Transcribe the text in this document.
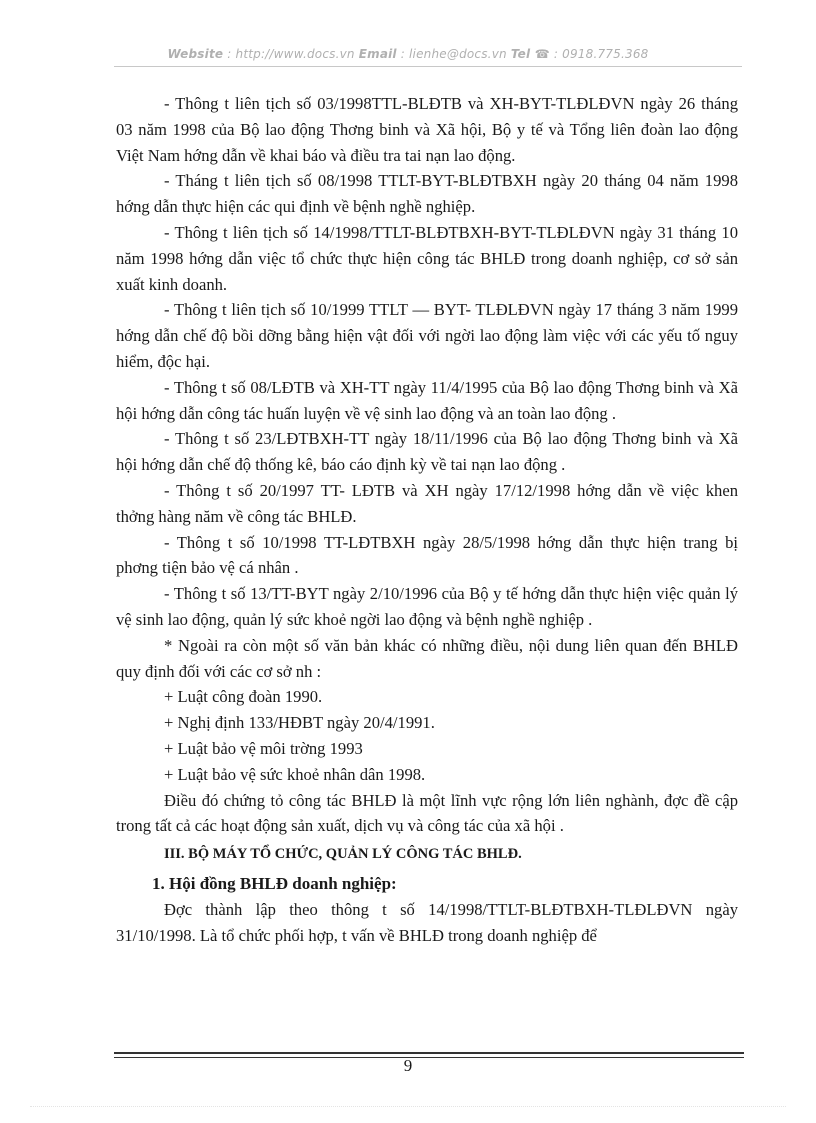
Website : http://www.docs.vn Email : lienhe@docs.vn Tel ☎ : 0918.775.368

- Thông t liên tịch số 03/1998TTL-BLĐTB và XH-BYT-TLĐLĐVN ngày 26 tháng 03 năm 1998 của Bộ lao động Thơng binh và Xã hội, Bộ y tế và Tổng liên đoàn lao động Việt Nam hớng dẫn về khai báo và điều tra tai nạn lao động.

- Tháng t liên tịch số 08/1998 TTLT-BYT-BLĐTBXH ngày 20 tháng 04 năm 1998 hớng dẫn thực hiện các qui định về bệnh nghề nghiệp.

- Thông t liên tịch số 14/1998/TTLT-BLĐTBXH-BYT-TLĐLĐVN ngày 31 tháng 10 năm 1998 hớng dẫn việc tổ chức thực hiện công tác BHLĐ trong doanh nghiệp, cơ sở sản xuất kinh doanh.

- Thông t liên tịch số 10/1999 TTLT — BYT- TLĐLĐVN ngày 17 tháng 3 năm 1999 hớng dẫn chế độ bồi dỡng bằng hiện vật đối với ngời lao động làm việc với các yếu tố nguy hiểm, độc hại.

- Thông t số 08/LĐTB và XH-TT ngày 11/4/1995 của Bộ lao động Thơng binh và Xã hội hớng dẫn công tác huấn luyện về vệ sinh lao động và an toàn lao động .

- Thông t số 23/LĐTBXH-TT ngày 18/11/1996 của Bộ lao động Thơng binh và Xã hội hớng dẫn chế độ thống kê, báo cáo định kỳ về tai nạn lao động .

- Thông t số 20/1997 TT- LĐTB và XH ngày 17/12/1998 hớng dẫn về việc khen thởng hàng năm về công tác BHLĐ.

- Thông t số 10/1998 TT-LĐTBXH ngày 28/5/1998 hớng dẫn thực hiện trang bị phơng tiện bảo vệ cá nhân .

- Thông t số 13/TT-BYT ngày 2/10/1996 của Bộ y tế hớng dẫn thực hiện việc quản lý vệ sinh lao động, quản lý sức khoẻ ngời lao động và bệnh nghề nghiệp .

* Ngoài ra còn một số văn bản khác có những điều, nội dung liên quan đến BHLĐ quy định đối với các cơ sở nh :

+ Luật công đoàn 1990.

+ Nghị định 133/HĐBT ngày 20/4/1991.

+ Luật bảo vệ môi trờng 1993

+ Luật bảo vệ sức khoẻ nhân dân 1998.

Điều đó chứng tỏ công tác BHLĐ là một lĩnh vực rộng lớn liên nghành, đợc đề cập trong tất cả các hoạt động sản xuất, dịch vụ và công tác của xã hội .

III. BỘ MÁY TỔ CHỨC, QUẢN LÝ CÔNG TÁC BHLĐ.

1. Hội đồng BHLĐ doanh nghiệp:

Đợc thành lập theo thông t số 14/1998/TTLT-BLĐTBXH-TLĐLĐVN ngày 31/10/1998. Là tổ chức phối hợp, t vấn về BHLĐ trong doanh nghiệp để

9
